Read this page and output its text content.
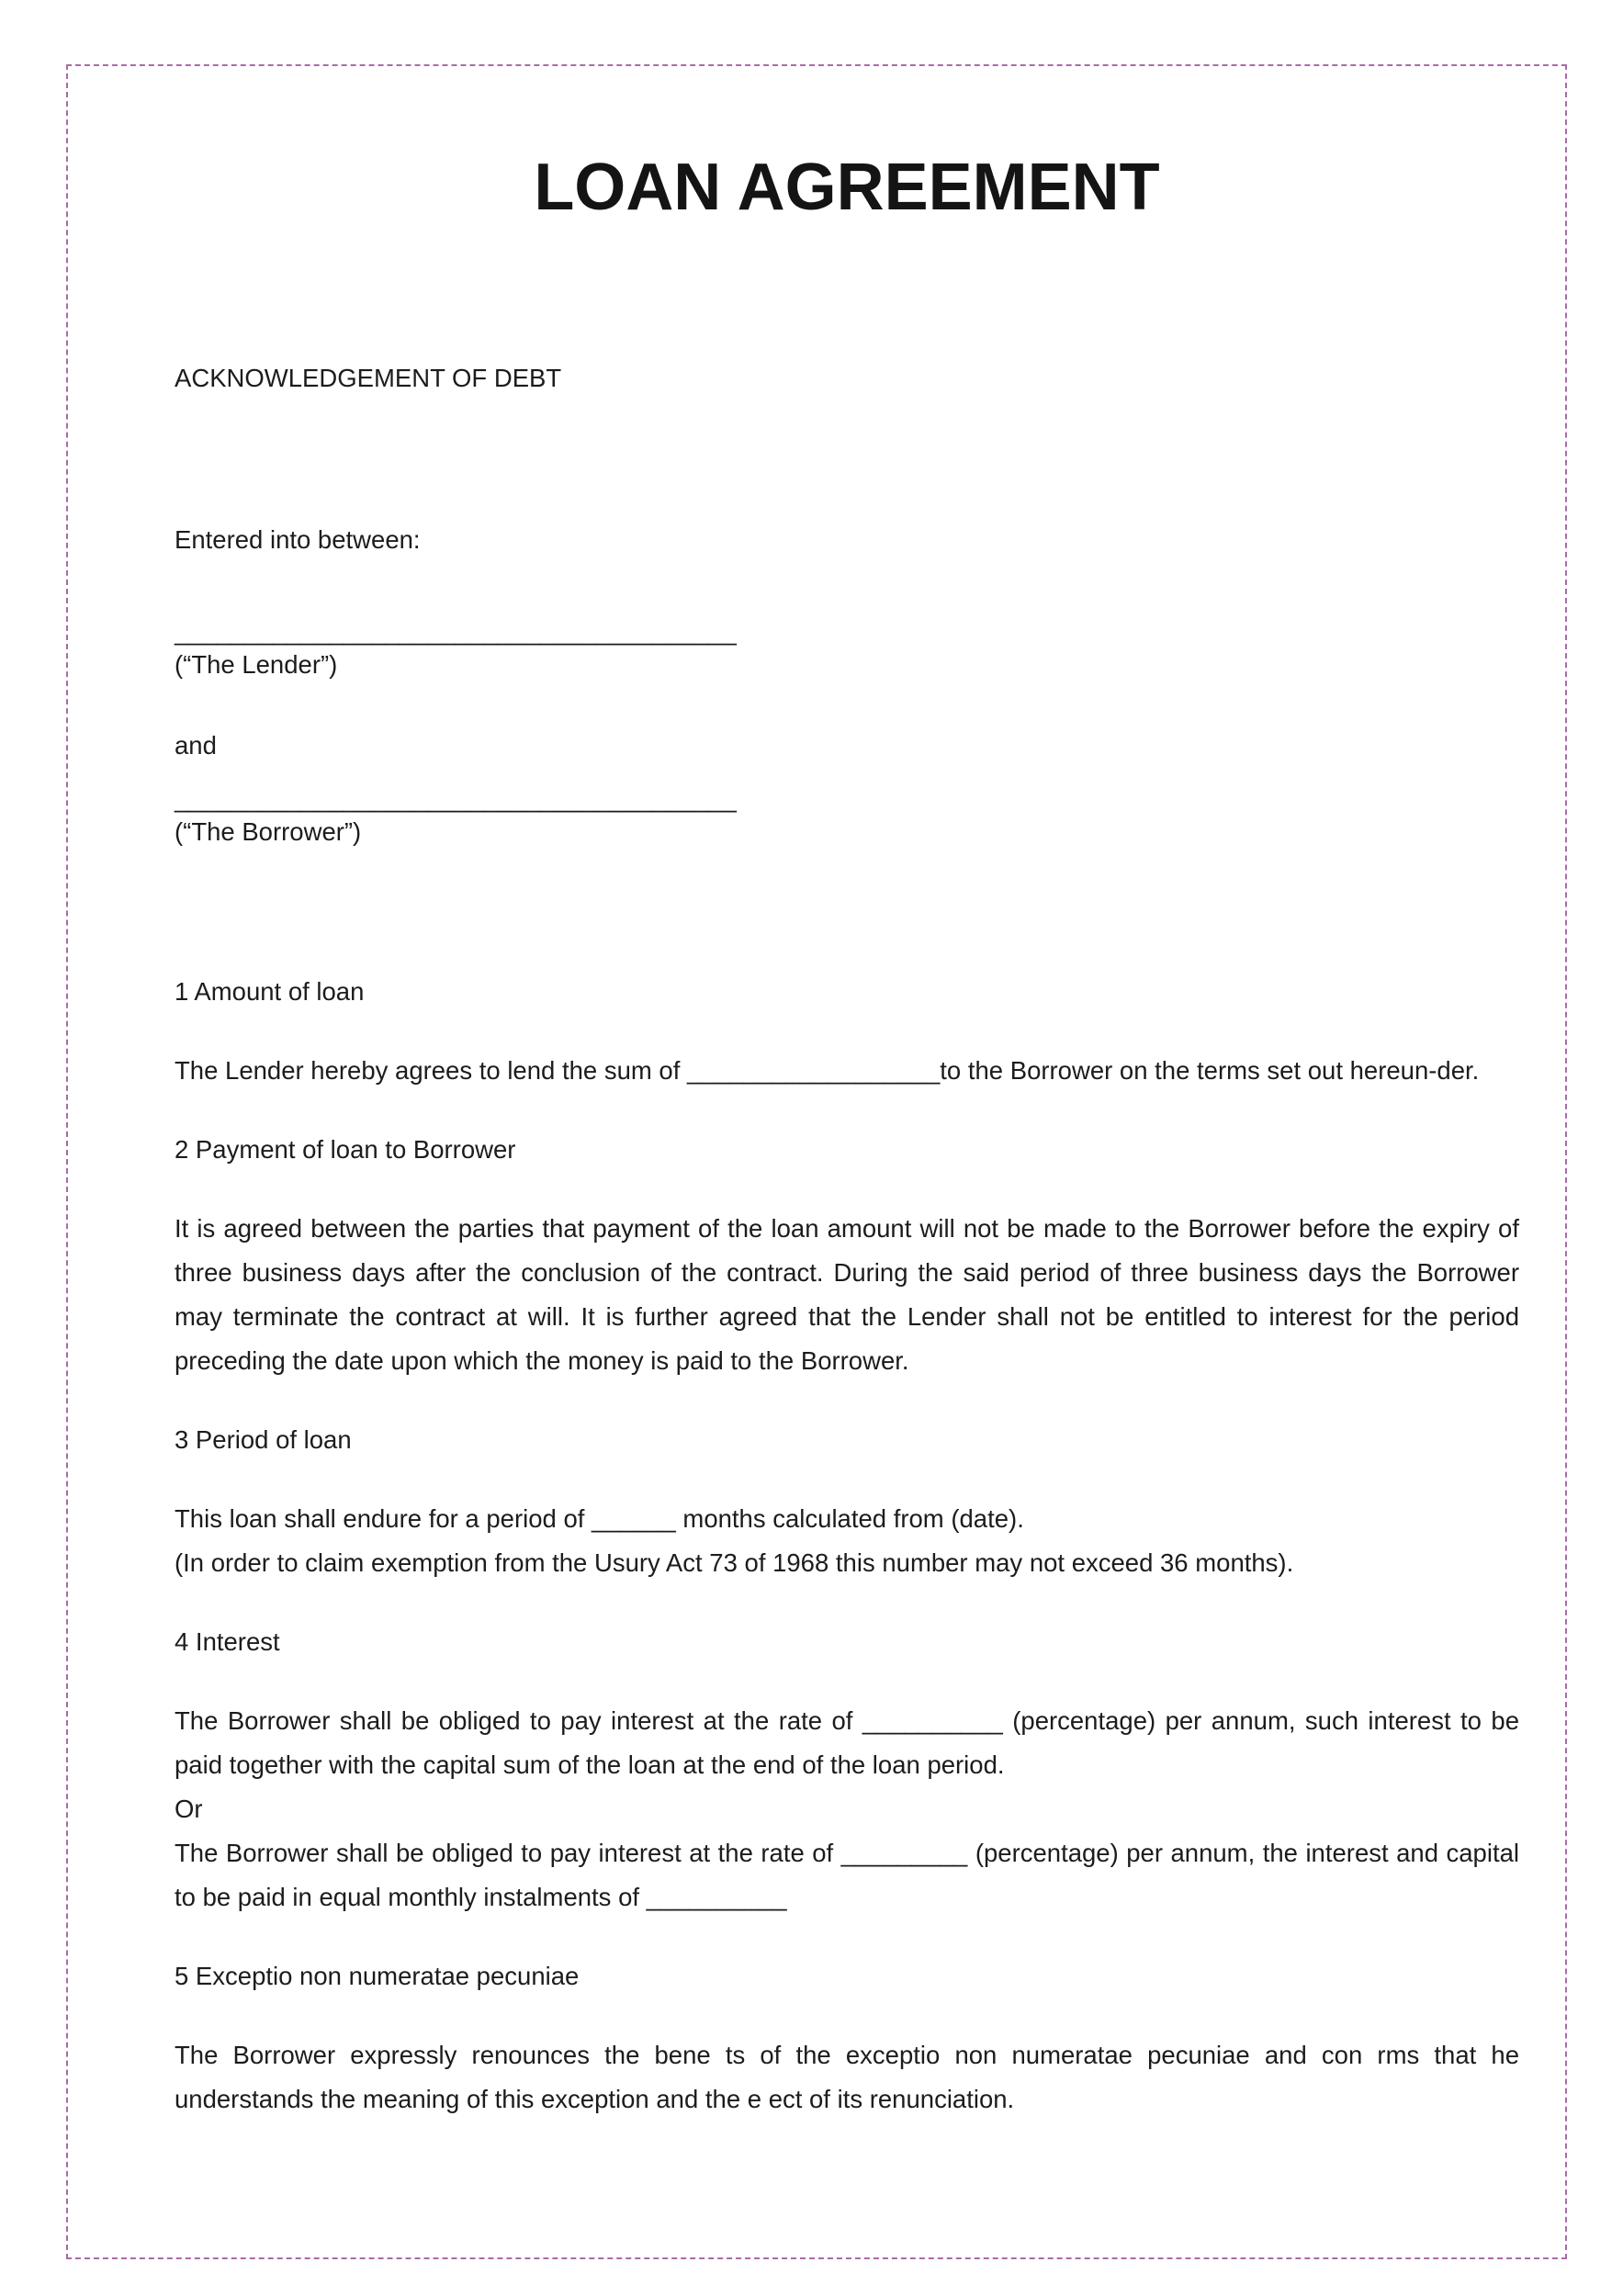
LOAN AGREEMENT

ACKNOWLEDGEMENT OF DEBT

Entered into between:

________________________________________

(“The Lender”)

and

________________________________________

(“The Borrower”)

1 Amount of loan

The Lender hereby agrees to lend the sum of __________________to the Borrower on the terms set out hereun-der.

2 Payment of loan to Borrower

It is agreed between the parties that payment of the loan amount will not be made to the Borrower before the expiry of three business days after the conclusion of the contract. During the said period of three business days the Borrower may terminate the contract at will. It is further agreed that the Lender shall not be entitled to interest for the period preceding the date upon which the money is paid to the Borrower.

3 Period of loan

This loan shall endure for a period of ______ months calculated from (date).

(In order to claim exemption from the Usury Act 73 of 1968 this number may not exceed 36 months).

4 Interest

The Borrower shall be obliged to pay interest at the rate of __________ (percentage) per annum, such interest to be paid together with the capital sum of the loan at the end of the loan period.

Or

The Borrower shall be obliged to pay interest at the rate of _________ (percentage) per annum, the interest and capital to be paid in equal monthly instalments of __________

5 Exceptio non numeratae pecuniae

The Borrower expressly renounces the bene ts of the exceptio non numeratae pecuniae and con rms that he understands the meaning of this exception and the e ect of its renunciation.
